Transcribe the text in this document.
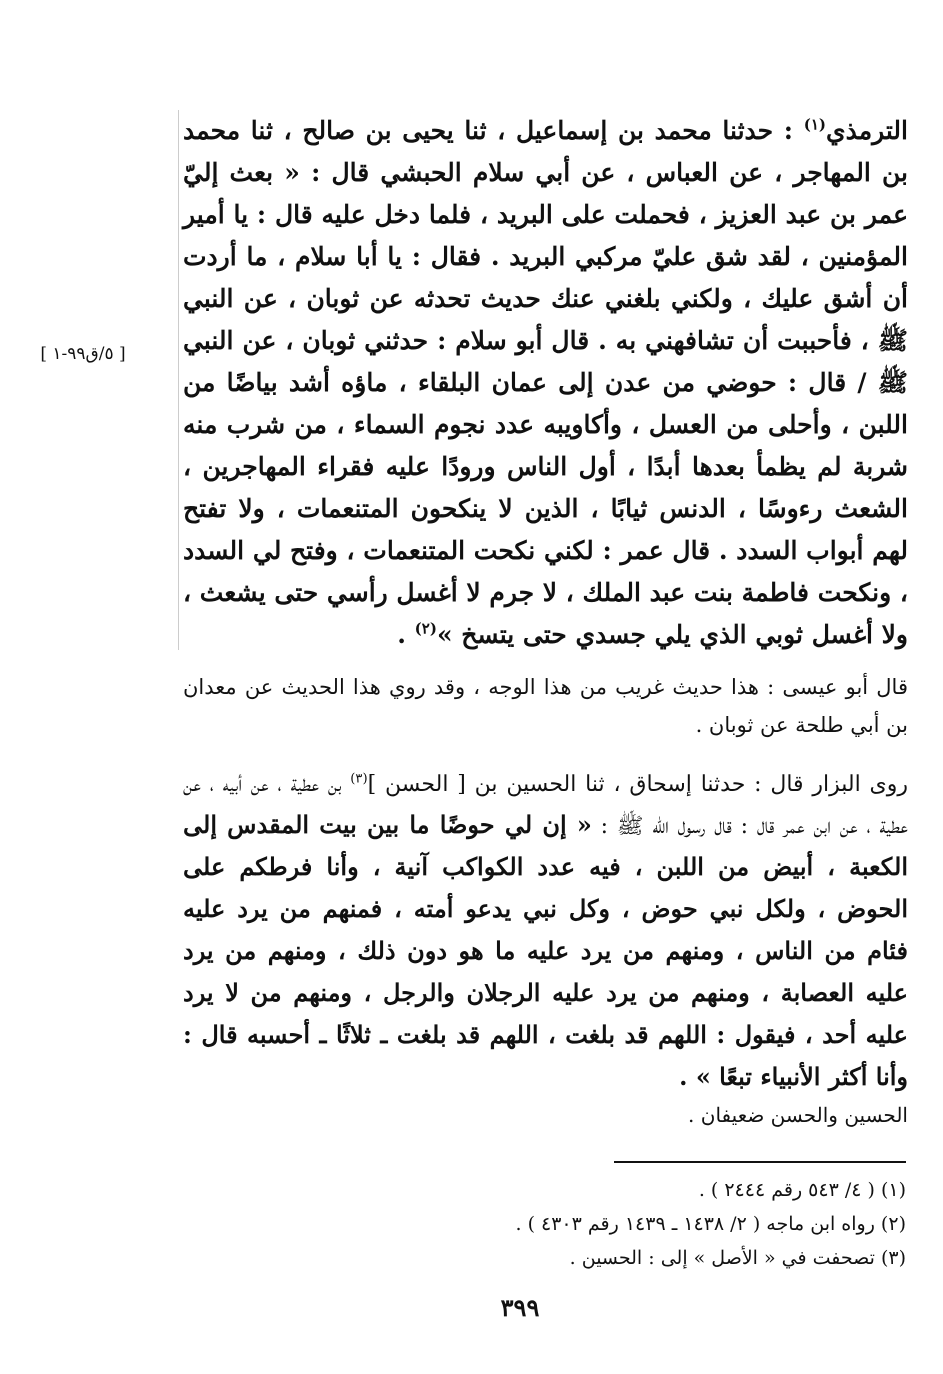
[ ٥/ق٩٩-١ ]

الترمذي$^{(١)}$ : حدثنا محمد بن إسماعيل ، ثنا يحيى بن صالح ، ثنا محمد بن المهاجر ، عن العباس ، عن أبي سلام الحبشي قال : « بعث إليّ عمر بن عبد العزيز ، فحملت على البريد ، فلما دخل عليه قال : يا أمير المؤمنين ، لقد شق عليّ مركبي البريد . فقال : يا أبا سلام ، ما أردت أن أشق عليك ، ولكني بلغني عنك حديث تحدثه عن ثوبان ، عن النبي ﷺ ، فأحببت أن تشافهني به . قال أبو سلام : حدثني ثوبان ، عن النبي ﷺ / قال : حوضي من عدن إلى عمان البلقاء ، ماؤه أشد بياضًا من اللبن ، وأحلى من العسل ، وأكاويبه عدد نجوم السماء ، من شرب منه شربة لم يظمأ بعدها أبدًا ، أول الناس ورودًا عليه فقراء المهاجرين ، الشعث رءوسًا ، الدنس ثيابًا ، الذين لا ينكحون المتنعمات ، ولا تفتح لهم أبواب السدد . قال عمر : لكني نكحت المتنعمات ، وفتح لي السدد ، ونكحت فاطمة بنت عبد الملك ، لا جرم لا أغسل رأسي حتى يشعث ، ولا أغسل ثوبي الذي يلي جسدي حتى يتسخ »$^{(٢)}$ .

قال أبو عيسى : هذا حديث غريب من هذا الوجه ، وقد روي هذا الحديث عن معدان بن أبي طلحة عن ثوبان .

روى البزار قال : حدثنا إسحاق ، ثنا الحسين بن [ الحسن ]$^{(٣)}$ بن عطية ، عن أبيه ، عن عطية ، عن ابن عمر قال : قال رسول الله ﷺ : « إن لي حوضًا ما بين بيت المقدس إلى الكعبة ، أبيض من اللبن ، فيه عدد الكواكب آنية ، وأنا فرطكم على الحوض ، ولكل نبي حوض ، وكل نبي يدعو أمته ، فمنهم من يرد عليه فئام من الناس ، ومنهم من يرد عليه ما هو دون ذلك ، ومنهم من يرد عليه العصابة ، ومنهم من يرد عليه الرجلان والرجل ، ومنهم من لا يرد عليه أحد ، فيقول : اللهم قد بلغت ، اللهم قد بلغت ـ ثلاثًا ـ أحسبه قال : وأنا أكثر الأنبياء تبعًا » .

الحسين والحسن ضعيفان .

(١) ( ٤/ ٥٤٣ رقم ٢٤٤٤ ) .
(٢) رواه ابن ماجه ( ٢/ ١٤٣٨ ـ ١٤٣٩ رقم ٤٣٠٣ ) .
(٣) تصحفت في « الأصل » إلى : الحسين .
٣٩٩
